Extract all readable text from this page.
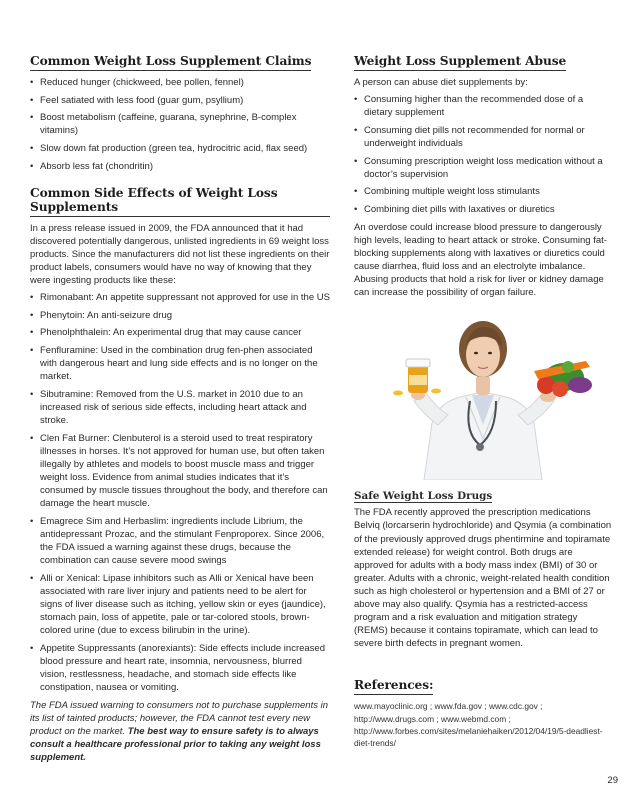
Common Weight Loss Supplement Claims
• Reduced hunger (chickweed, bee pollen, fennel)
• Feel satiated with less food (guar gum, psyllium)
• Boost metabolism (caffeine, guarana, synephrine, B-complex vitamins)
• Slow down fat production (green tea, hydrocitric acid, flax seed)
• Absorb less fat (chondritin)
Common Side Effects of Weight Loss Supplements

In a press release issued in 2009, the FDA announced that it had discovered potentially dangerous, unlisted ingredients in 69 weight loss products. Since the manufacturers did not list these ingredients on their product labels, consumers would have no way of knowing that they were ingesting products like these:

• Rimonabant: An appetite suppressant not approved for use in the US
• Phenytoin: An anti-seizure drug
• Phenolphthalein: An experimental drug that may cause cancer
• Fenfluramine: Used in the combination drug fen-phen associated with dangerous heart and lung side effects and is no longer on the market.
• Sibutramine: Removed from the U.S. market in 2010 due to an increased risk of serious side effects, including heart attack and stroke.
• Clen Fat Burner: Clenbuterol is a steroid used to treat respiratory illnesses in horses. It’s not approved for human use, but often taken illegally by athletes and models to boost muscle mass and trigger weight loss. Evidence from animal studies indicates that it’s consumed by muscle tissues throughout the body, and therefore can damage the heart muscle.
• Emagrece Sim and Herbaslim: ingredients include Librium, the antidepressant Prozac, and the stimulant Fenproporex. Since 2006, the FDA issued a warning against these drugs, because the combination can cause severe mood swings
• Alli or Xenical: Lipase inhibitors such as Alli or Xenical have been associated with rare liver injury and patients need to be alert for signs of liver disease such as itching, yellow skin or eyes (jaundice), stomach pain, loss of appetite, pale or tar-colored stools, brown-colored urine (due to excess bilirubin in the urine).
• Appetite Suppressants (anorexiants): Side effects include increased blood pressure and heart rate, insomnia, nervousness, blurred vision, restlessness, headache, and stomach side effects like constipation, nausea or vomiting.
The FDA issued warning to consumers not to purchase supplements in its list of tainted products; however, the FDA cannot test every new product on the market. The best way to ensure safety is to always consult a healthcare professional prior to taking any weight loss supplement.
Weight Loss Supplement Abuse

A person can abuse diet supplements by:

• Consuming higher than the recommended dose of a dietary supplement
• Consuming diet pills not recommended for normal or underweight individuals
• Consuming prescription weight loss medication without a doctor’s supervision
• Combining multiple weight loss stimulants
• Combining diet pills with laxatives or diuretics

An overdose could increase blood pressure to dangerously high levels, leading to heart attack or stroke. Consuming fat-blocking supplements along with laxatives or diuretics could cause diarrhea, fluid loss and an electrolyte imbalance. Abusing products that hold a risk for liver or kidney damage can increase the possibility of organ failure.

Safe Weight Loss Drugs

The FDA recently approved the prescription medications Belviq (lorcarserin hydrochloride) and Qsymia (a combination of the previously approved drugs phentirmine and topiramate extended release) for weight control. Both drugs are approved for adults with a body mass index (BMI) of 30 or greater. Adults with a chronic, weight-related health condition such as high cholesterol or hypertension and a BMI of 27 or above may also qualify. Qsymia has a restricted-access program and a risk evaluation and mitigation strategy (REMS) because it contains topiramate, which can lead to severe birth defects in pregnant women.

References:
www.mayoclinic.org ; www.fda.gov ; www.cdc.gov ; http://www.drugs.com ; www.webmd.com ; http://www.forbes.com/sites/melaniehaiken/2012/04/19/5-deadliest-diet-trends/
29
